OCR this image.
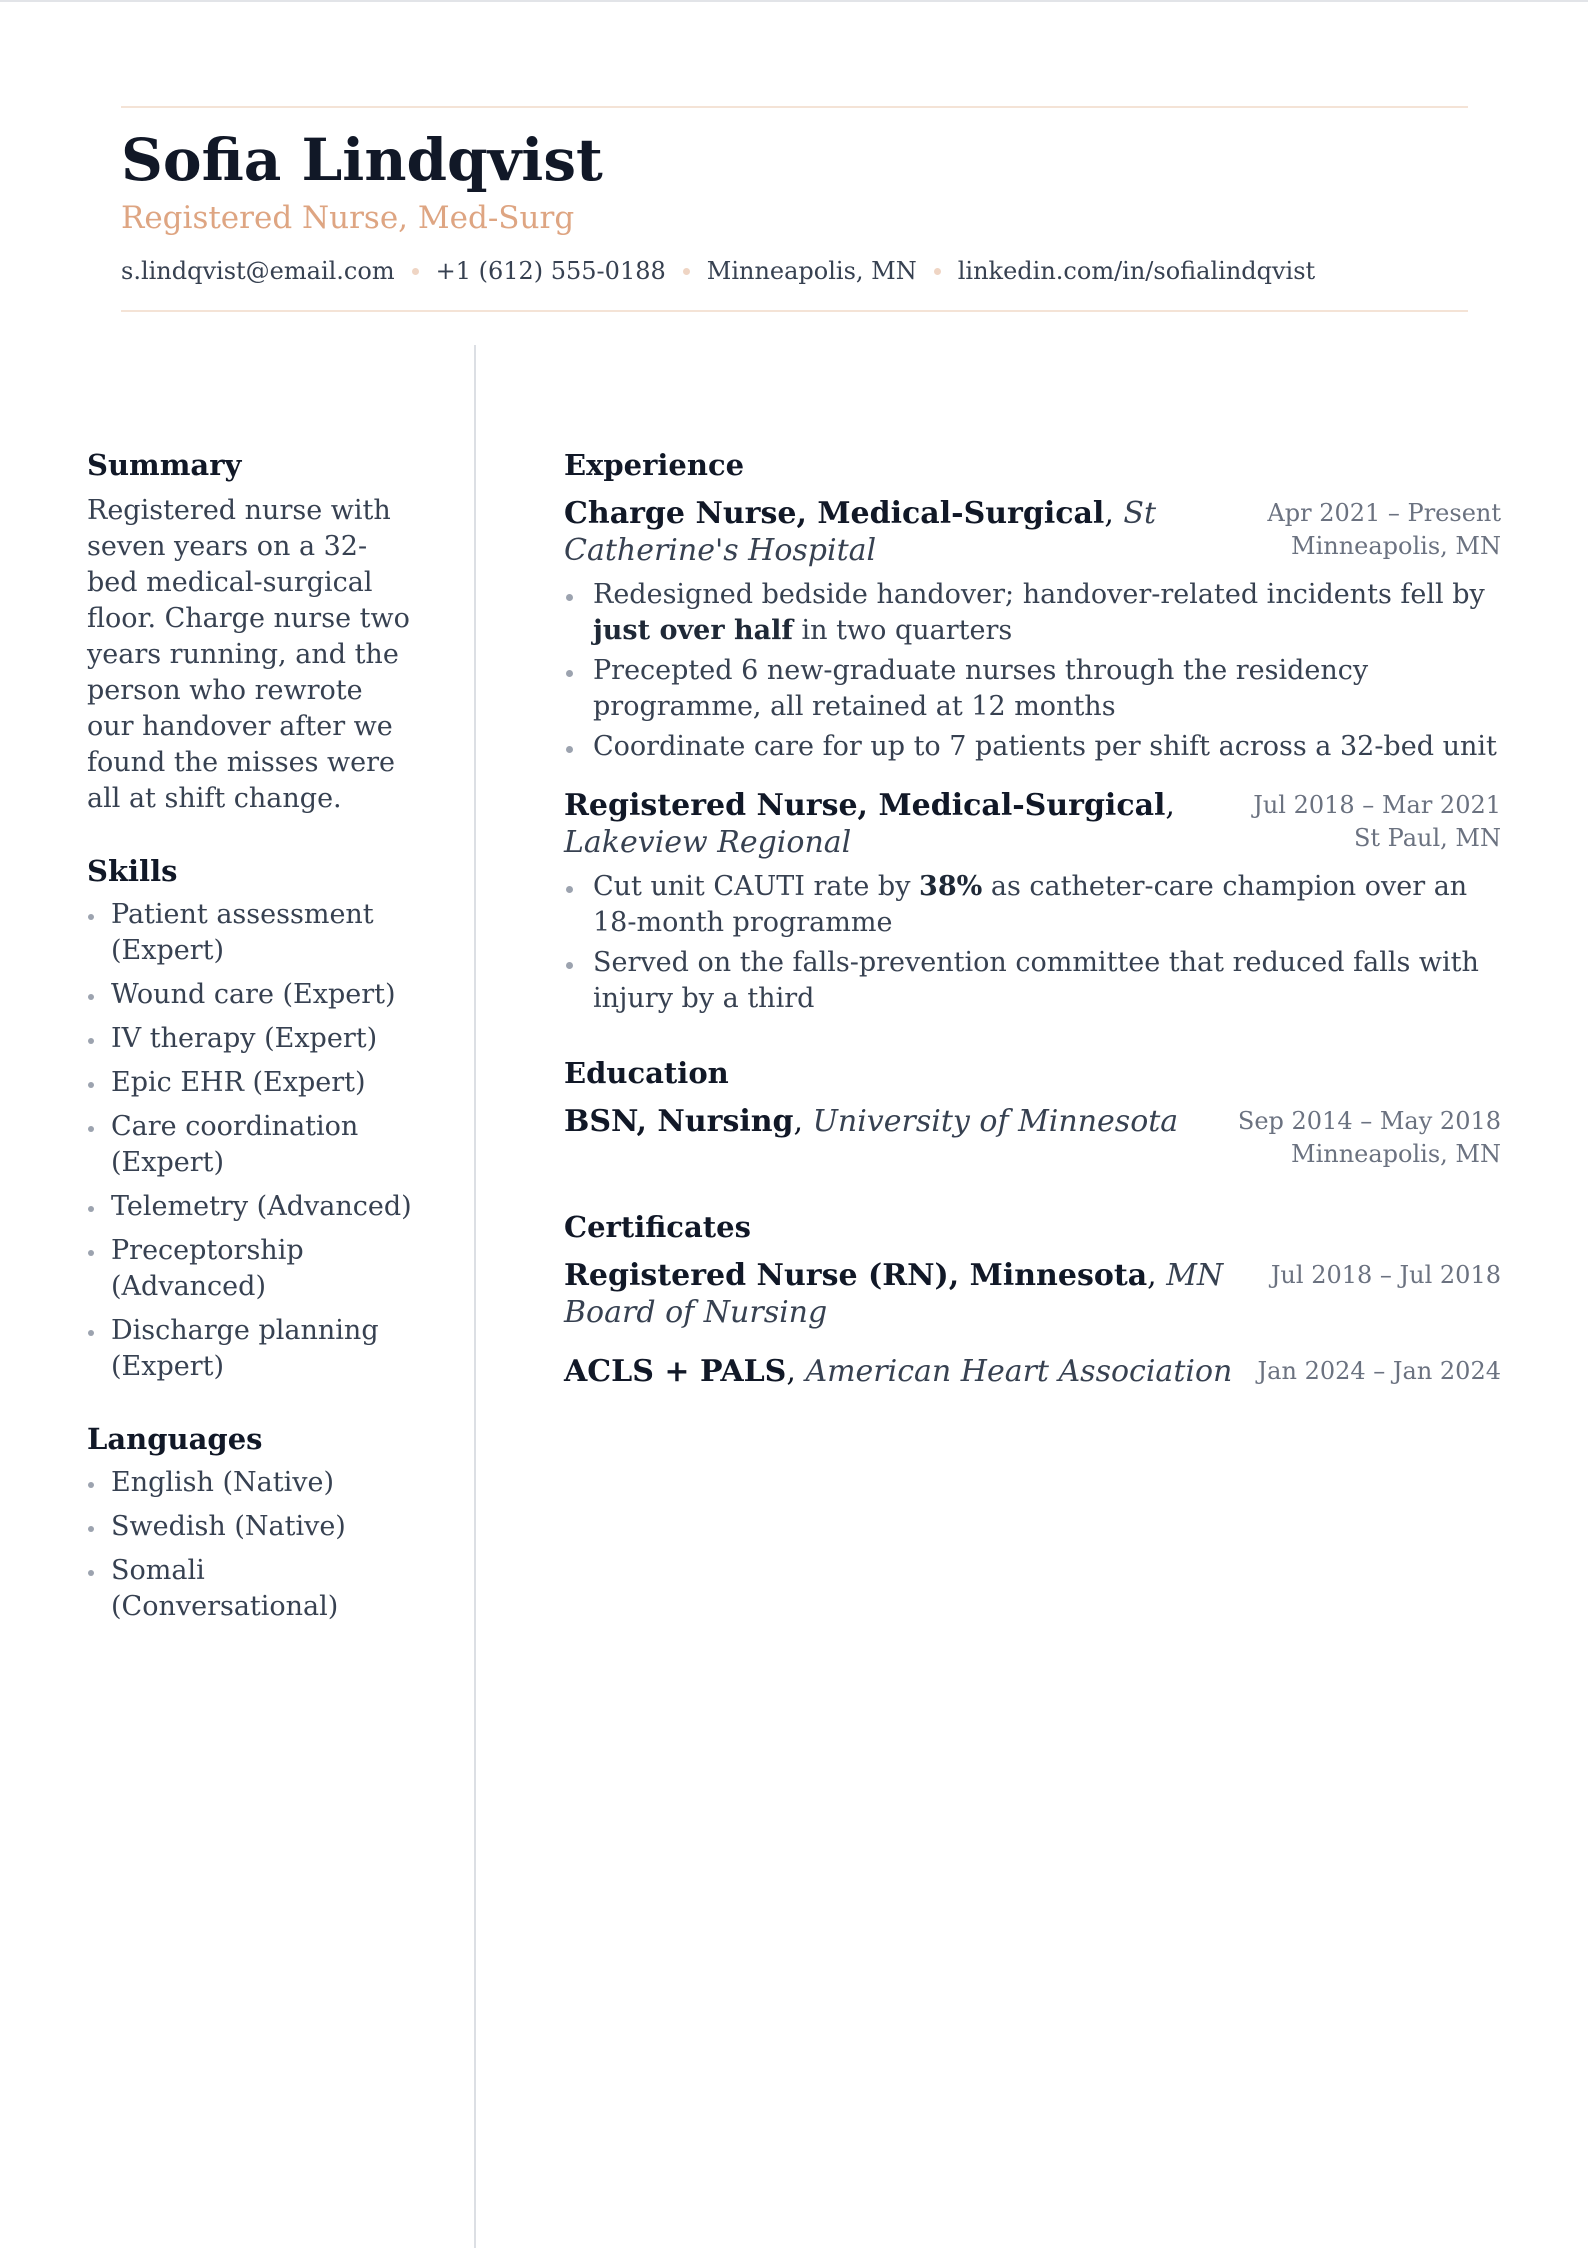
Sofia Lindqvist
Registered Nurse, Med-Surg
s.lindqvist@email.com +1 (612) 555-0188 Minneapolis, MN linkedin.com/in/sofialindqvist
Summary

Registered nurse with seven years on a 32-bed medical-surgical floor. Charge nurse two years running, and the person who rewrote our handover after we found the misses were all at shift change.

Skills
Patient assessment (Expert)
Wound care (Expert)
IV therapy (Expert)
Epic EHR (Expert)
Care coordination (Expert)
Telemetry (Advanced)
Preceptorship (Advanced)
Discharge planning (Expert)
Languages
English (Native)
Swedish (Native)
Somali (Conversational)
Experience
Charge Nurse, Medical-Surgical, St Catherine's Hospital
Apr 2021 – Present
Minneapolis, MN
Redesigned bedside handover; handover-related incidents fell by just over half in two quarters
Precepted 6 new-graduate nurses through the residency programme, all retained at 12 months
Coordinate care for up to 7 patients per shift across a 32-bed unit
Registered Nurse, Medical-Surgical, Lakeview Regional
Jul 2018 – Mar 2021
St Paul, MN
Cut unit CAUTI rate by 38% as catheter-care champion over an 18-month programme
Served on the falls-prevention committee that reduced falls with injury by a third
Education
BSN, Nursing, University of Minnesota	Sep 2014 – May 2018
Minneapolis, MN
Certificates
Registered Nurse (RN), Minnesota, MN Board of Nursing
Jul 2018 – Jul 2018
ACLS + PALS, American Heart Association	Jan 2024 – Jan 2024
